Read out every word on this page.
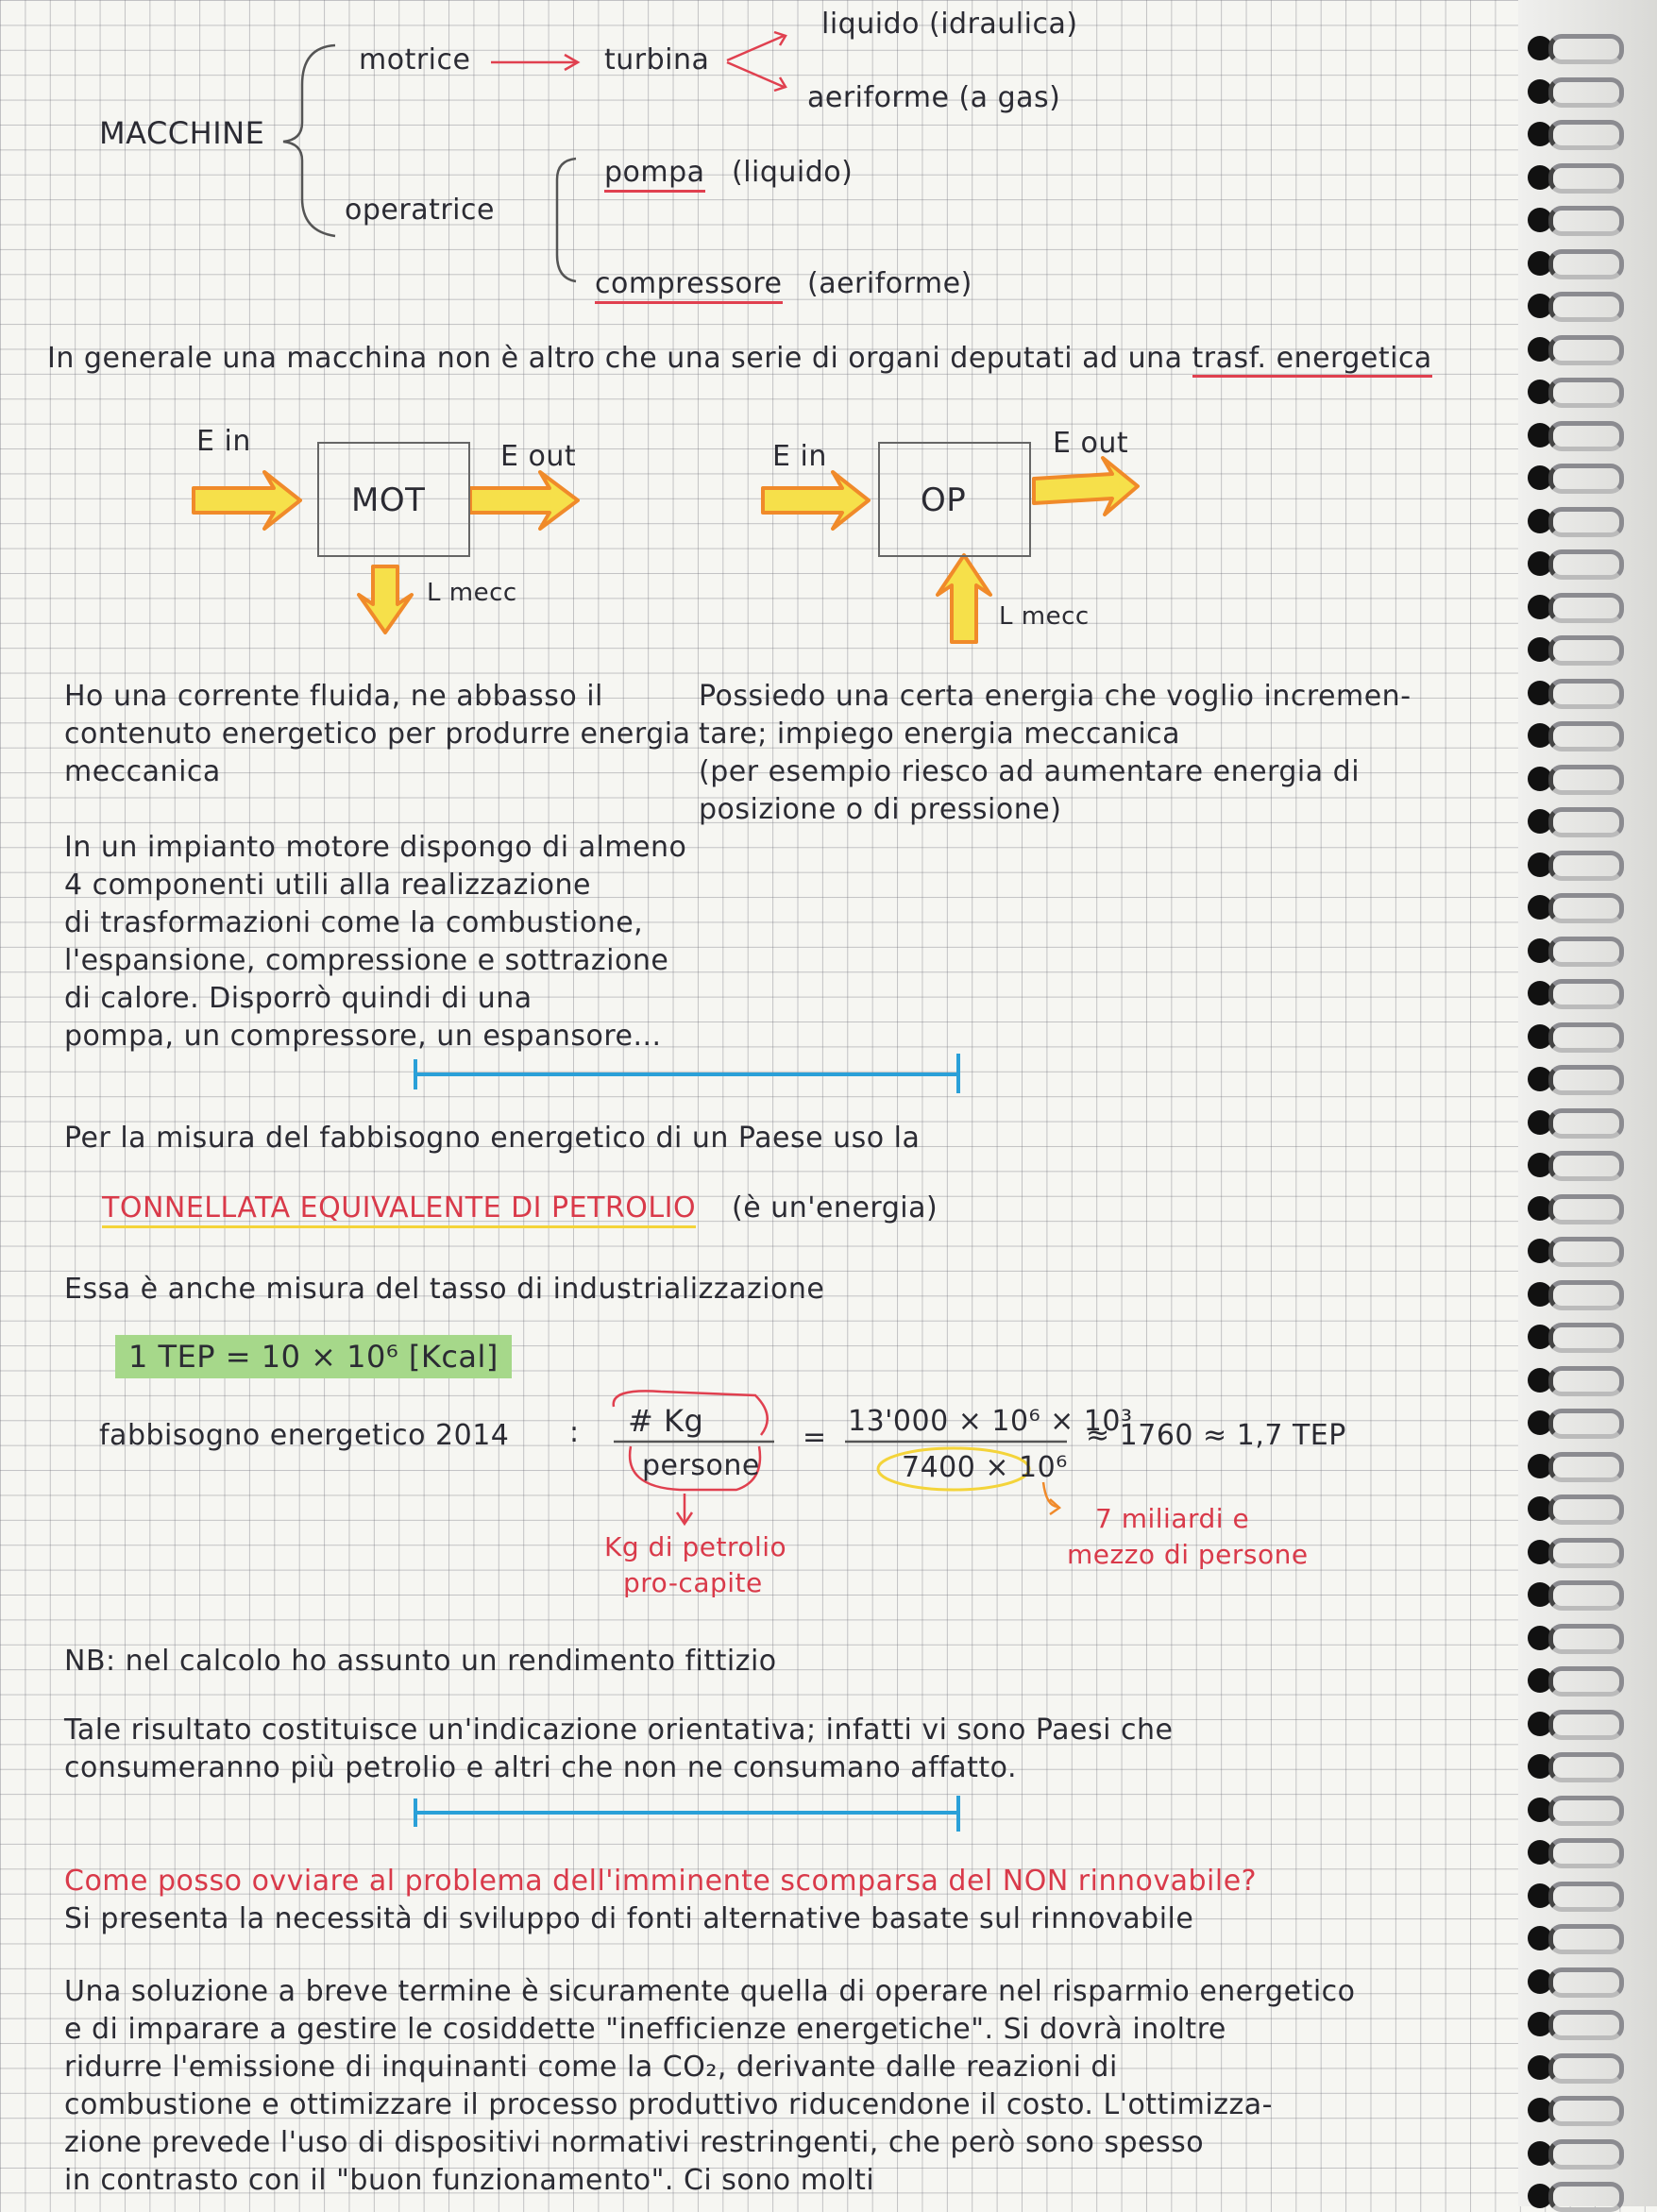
motrice	turbina
liquido (idraulica)
aeriforme (a gas)
MACCHINE
operatrice
pompa (liquido)
compressore (aeriforme)
In generale una macchina non è altro che una serie di organi deputati ad una trasf. energetica
MOT
E in	E out
L mecc
OP
E in	E out
L mecc
Ho una corrente fluida, ne abbasso il
contenuto energetico per produrre energia
meccanica
Possiedo una certa energia che voglio incremen-
tare; impiego energia meccanica
(per esempio riesco ad aumentare energia di
posizione o di pressione)
In un impianto motore dispongo di almeno
4 componenti utili alla realizzazione
di trasformazioni come la combustione,
l'espansione, compressione e sottrazione
di calore. Disporrò quindi di una
pompa, un compressore, un espansore...
Per la misura del fabbisogno energetico di un Paese uso la
TONNELLATA EQUIVALENTE DI PETROLIO (è un'energia)
Essa è anche misura del tasso di industrializzazione
1 TEP = 10 × 10⁶ [Kcal]
fabbisogno energetico 2014 : # Kg
persone
= 13'000 × 10⁶ × 10³
7400 × 10⁶
≈ 1760 ≈ 1,7 TEP
Kg di petrolio
pro-capite
7 miliardi e
mezzo di persone
NB: nel calcolo ho assunto un rendimento fittizio
Tale risultato costituisce un'indicazione orientativa; infatti vi sono Paesi che
consumeranno più petrolio e altri che non ne consumano affatto.
Come posso ovviare al problema dell'imminente scomparsa del NON rinnovabile?
Si presenta la necessità di sviluppo di fonti alternative basate sul rinnovabile
Una soluzione a breve termine è sicuramente quella di operare nel risparmio energetico
e di imparare a gestire le cosiddette "inefficienze energetiche". Si dovrà inoltre
ridurre l'emissione di inquinanti come la CO₂, derivante dalle reazioni di
combustione e ottimizzare il processo produttivo riducendone il costo. L'ottimizza-
zione prevede l'uso di dispositivi normativi restringenti, che però sono spesso
in contrasto con il "buon funzionamento". Ci sono molti
